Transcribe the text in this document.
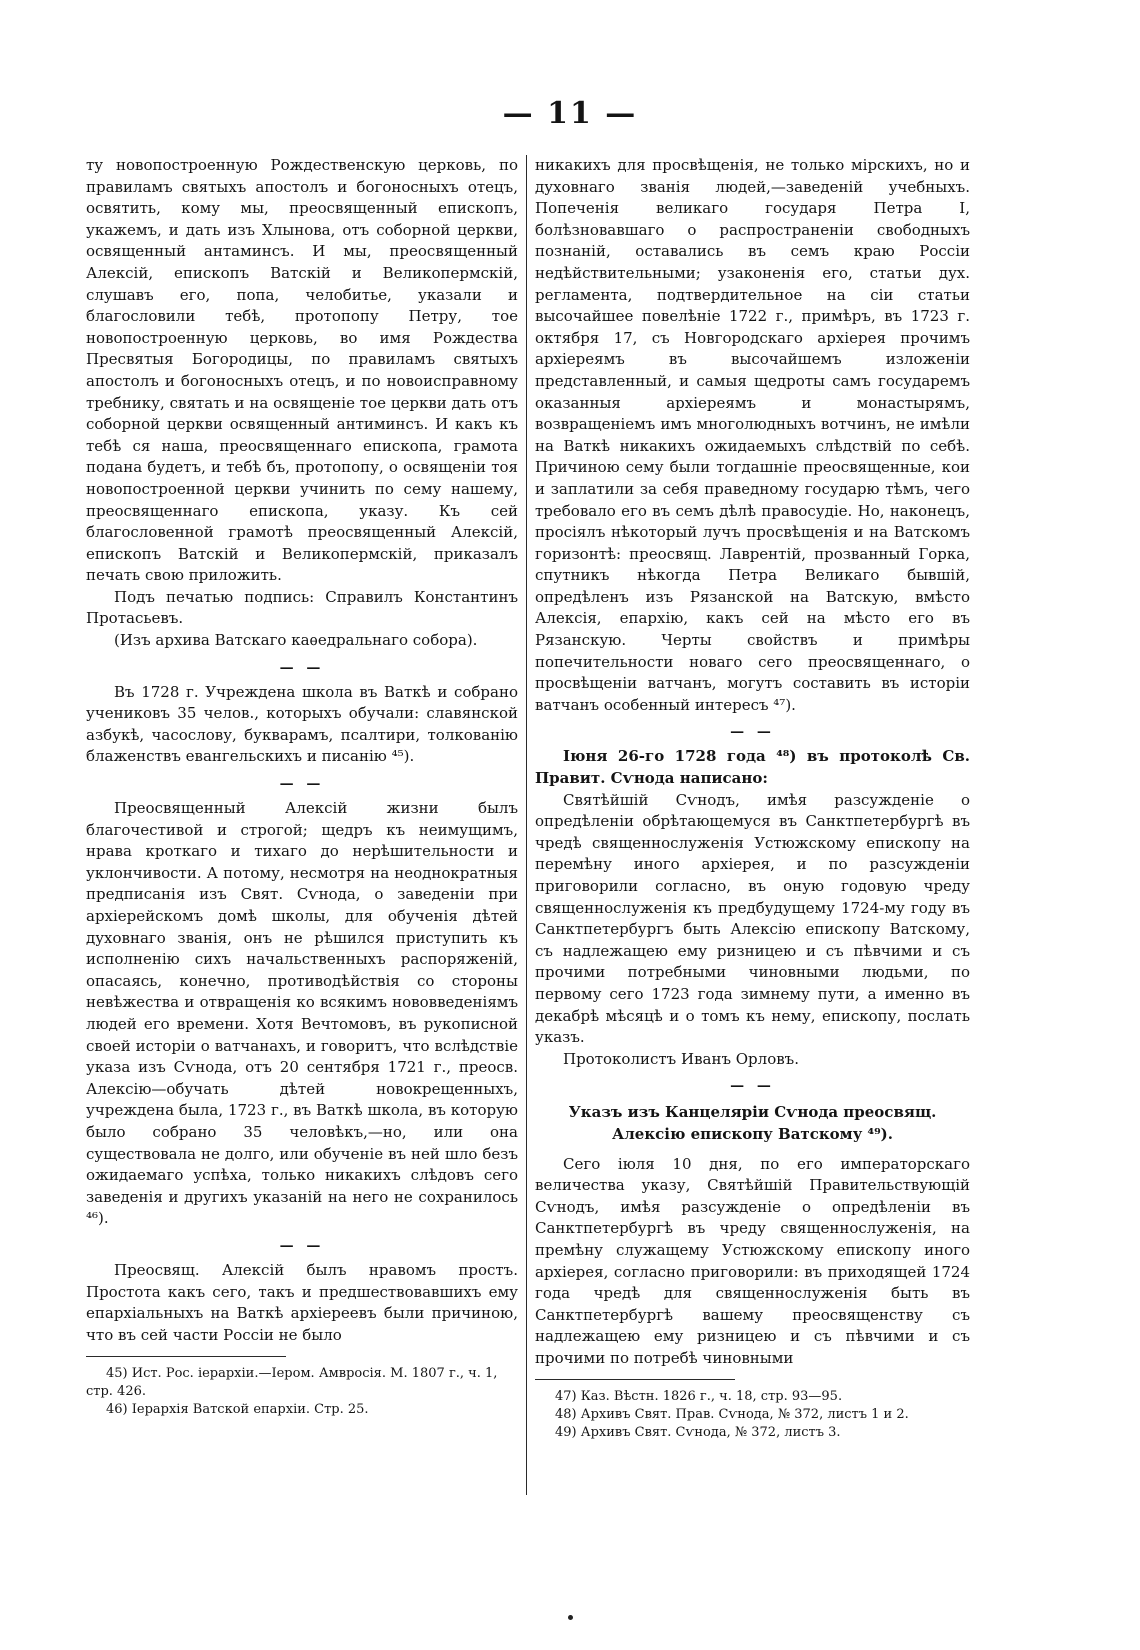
— 11 —

ту новопостроенную Рождественскую церковь, по правиламъ святыхъ апостолъ и богоносныхъ отецъ, освятить, кому мы, преосвященный епископъ, укажемъ, и дать изъ Хлынова, отъ соборной церкви, освященный антаминсъ. И мы, преосвященный Алексій, епископъ Ватскій и Великопермскій, слушавъ его, попа, челобитье, указали и благословили тебѣ, протопопу Петру, тое новопостроенную церковь, во имя Рождества Пресвятыя Богородицы, по правиламъ святыхъ апостолъ и богоносныхъ отецъ, и по новоисправному требнику, святать и на освященіе тое церкви дать отъ соборной церкви освященный антиминсъ. И какъ къ тебѣ ся наша, преосвященнаго епископа, грамота подана будетъ, и тебѣ бъ, протопопу, о освященіи тоя новопостроенной церкви учинить по сему нашему, преосвященнаго епископа, указу. Къ сей благословенной грамотѣ преосвященный Алексій, епископъ Ватскій и Великопермскій, приказалъ печать свою приложить.

Подъ печатью подпись: Справилъ Константинъ Протасьевъ.

(Изъ архива Ватскаго каѳедральнаго собора).

— —

Въ 1728 г. Учреждена школа въ Ваткѣ и собрано учениковъ 35 челов., которыхъ обучали: славянской азбукѣ, часослову, букварамъ, псалтири, толкованію блаженствъ евангельскихъ и писанію ⁴⁵).

— —

Преосвященный Алексій жизни былъ благочестивой и строгой; щедръ къ неимущимъ, нрава кроткаго и тихаго до нерѣшительности и уклончивости. А потому, несмотря на неоднократныя предписанія изъ Свят. Сѵнода, о заведеніи при архіерейскомъ домѣ школы, для обученія дѣтей духовнаго званія, онъ не рѣшился приступить къ исполненію сихъ начальственныхъ распоряженій, опасаясь, конечно, противодѣйствія со стороны невѣжества и отвращенія ко всякимъ нововведеніямъ людей его времени. Хотя Вечтомовъ, въ рукописной своей исторіи о ватчанахъ, и говоритъ, что вслѣдствіе указа изъ Сѵнода, отъ 20 сентября 1721 г., преосв. Алексію—обучать дѣтей новокрещенныхъ, учреждена была, 1723 г., въ Ваткѣ школа, въ которую было собрано 35 человѣкъ,—но, или она существовала не долго, или обученіе въ ней шло безъ ожидаемаго успѣха, только никакихъ слѣдовъ сего заведенія и другихъ указаній на него не сохранилось ⁴⁶).

— —

Преосвящ. Алексій былъ нравомъ простъ. Простота какъ сего, такъ и предшествовавшихъ ему епархіальныхъ на Ваткѣ архіереевъ были причиною, что въ сей части Россіи не было

45) Ист. Рос. іерархіи.—Іером. Амвросія. М. 1807 г., ч. 1, стр. 426.

46) Іерархія Ватской епархіи. Стр. 25.

никакихъ для просвѣщенія, не только мірскихъ, но и духовнаго званія людей,—заведеній учебныхъ. Попеченія великаго государя Петра I, болѣзновавшаго о распространеніи свободныхъ познаній, оставались въ семъ краю Россіи недѣйствительными; узаконенія его, статьи дух. регламента, подтвердительное на сіи статьи высочайшее повелѣніе 1722 г., примѣръ, въ 1723 г. октября 17, съ Новгородскаго архіерея прочимъ архіереямъ въ высочайшемъ изложеніи представленный, и самыя щедроты самъ государемъ оказанныя архіереямъ и монастырямъ, возвращеніемъ имъ многолюдныхъ вотчинъ, не имѣли на Ваткѣ никакихъ ожидаемыхъ слѣдствій по себѣ. Причиною сему были тогдашніе преосвященные, кои и заплатили за себя праведному государю тѣмъ, чего требовало его въ семъ дѣлѣ правосудіе. Но, наконецъ, просіялъ нѣкоторый лучъ просвѣщенія и на Ватскомъ горизонтѣ: преосвящ. Лаврентій, прозванный Горка, спутникъ нѣкогда Петра Великаго бывшій, опредѣленъ изъ Рязанской на Ватскую, вмѣсто Алексія, епархію, какъ сей на мѣсто его въ Рязанскую. Черты свойствъ и примѣры попечительности новаго сего преосвященнаго, о просвѣщеніи ватчанъ, могутъ составить въ исторіи ватчанъ особенный интересъ ⁴⁷).

— —

Іюня 26-го 1728 года ⁴⁸) въ протоколѣ Св. Правит. Сѵнода написано:

Святѣйшій Сѵнодъ, имѣя разсужденіе о опредѣленіи обрѣтающемуся въ Санктпетербургѣ въ чредѣ священнослуженія Устюжскому епископу на перемѣну иного архіерея, и по разсужденіи приговорили согласно, въ оную годовую чреду священнослуженія къ предбудущему 1724-му году въ Санктпетербургъ быть Алексію епископу Ватскому, съ надлежащею ему ризницею и съ пѣвчими и съ прочими потребными чиновными людьми, по первому сего 1723 года зимнему пути, а именно въ декабрѣ мѣсяцѣ и о томъ къ нему, епископу, послать указъ.

Протоколистъ Иванъ Орловъ.

— —
Указъ изъ Канцеляріи Сѵнода преосвящ. Алексію епископу Ватскому ⁴⁹).

Сего іюля 10 дня, по его императорскаго величества указу, Святѣйшій Правительствующій Сѵнодъ, имѣя разсужденіе о опредѣленіи въ Санктпетербургѣ въ чреду священнослуженія, на премѣну служащему Устюжскому епископу иного архіерея, согласно приговорили: въ приходящей 1724 года чредѣ для священнослуженія быть въ Санктпетербургѣ вашему преосвященству съ надлежащею ему ризницею и съ пѣвчими и съ прочими по потребѣ чиновными

47) Каз. Вѣстн. 1826 г., ч. 18, стр. 93—95.

48) Архивъ Свят. Прав. Сѵнода, № 372, листъ 1 и 2.

49) Архивъ Свят. Сѵнода, № 372, листъ 3.
